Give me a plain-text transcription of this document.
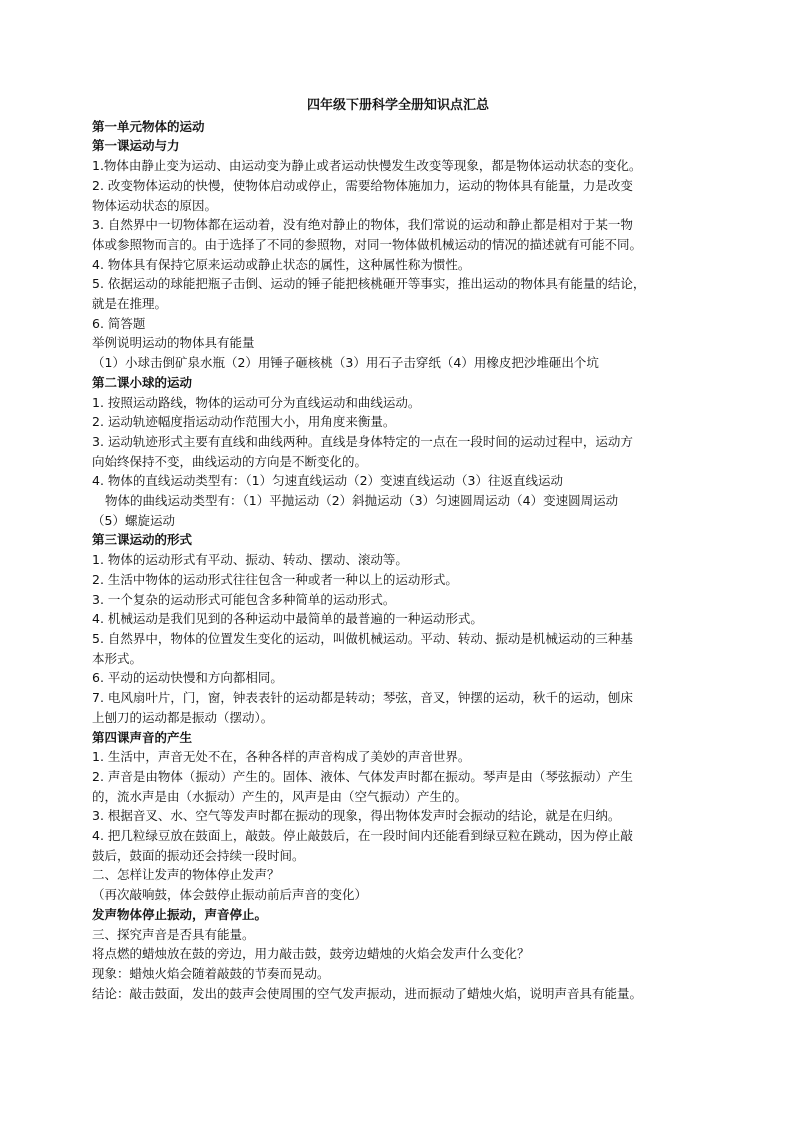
四年级下册科学全册知识点汇总

第一单元物体的运动

第一课运动与力

1.物体由静止变为运动、由运动变为静止或者运动快慢发生改变等现象，都是物体运动状态的变化。

2. 改变物体运动的快慢，使物体启动或停止，需要给物体施加力，运动的物体具有能量，力是改变

物体运动状态的原因。

3. 自然界中一切物体都在运动着，没有绝对静止的物体，我们常说的运动和静止都是相对于某一物

体或参照物而言的。由于选择了不同的参照物，对同一物体做机械运动的情况的描述就有可能不同。

4. 物体具有保持它原来运动或静止状态的属性，这种属性称为惯性。

5. 依据运动的球能把瓶子击倒、运动的锤子能把核桃砸开等事实，推出运动的物体具有能量的结论，

就是在推理。

6. 简答题

举例说明运动的物体具有能量

（1）小球击倒矿泉水瓶（2）用锤子砸核桃（3）用石子击穿纸（4）用橡皮把沙堆砸出个坑

第二课小球的运动

1. 按照运动路线，物体的运动可分为直线运动和曲线运动。

2. 运动轨迹幅度指运动动作范围大小，用角度来衡量。

3. 运动轨迹形式主要有直线和曲线两种。直线是身体特定的一点在一段时间的运动过程中，运动方

向始终保持不变，曲线运动的方向是不断变化的。

4. 物体的直线运动类型有：（1）匀速直线运动（2）变速直线运动（3）往返直线运动

物体的曲线运动类型有：（1）平抛运动（2）斜抛运动（3）匀速圆周运动（4）变速圆周运动

（5）螺旋运动

第三课运动的形式

1. 物体的运动形式有平动、振动、转动、摆动、滚动等。

2. 生活中物体的运动形式往往包含一种或者一种以上的运动形式。

3. 一个复杂的运动形式可能包含多种简单的运动形式。

4. 机械运动是我们见到的各种运动中最简单的最普遍的一种运动形式。

5. 自然界中，物体的位置发生变化的运动，叫做机械运动。平动、转动、振动是机械运动的三种基

本形式。

6. 平动的运动快慢和方向都相同。

7. 电风扇叶片，门，窗，钟表表针的运动都是转动；琴弦，音叉，钟摆的运动，秋千的运动，刨床

上刨刀的运动都是振动（摆动）。

第四课声音的产生

1. 生活中，声音无处不在，各种各样的声音构成了美妙的声音世界。

2. 声音是由物体（振动）产生的。固体、液体、气体发声时都在振动。琴声是由（琴弦振动）产生

的，流水声是由（水振动）产生的，风声是由（空气振动）产生的。

3. 根据音叉、水、空气等发声时都在振动的现象，得出物体发声时会振动的结论，就是在归纳。

4. 把几粒绿豆放在鼓面上，敲鼓。停止敲鼓后，在一段时间内还能看到绿豆粒在跳动，因为停止敲

鼓后，鼓面的振动还会持续一段时间。

二、怎样让发声的物体停止发声？

（再次敲响鼓，体会鼓停止振动前后声音的变化）

发声物体停止振动，声音停止。

三、探究声音是否具有能量。

将点燃的蜡烛放在鼓的旁边，用力敲击鼓，鼓旁边蜡烛的火焰会发声什么变化？

现象：蜡烛火焰会随着敲鼓的节奏而晃动。

结论：敲击鼓面，发出的鼓声会使周围的空气发声振动，进而振动了蜡烛火焰，说明声音具有能量。
